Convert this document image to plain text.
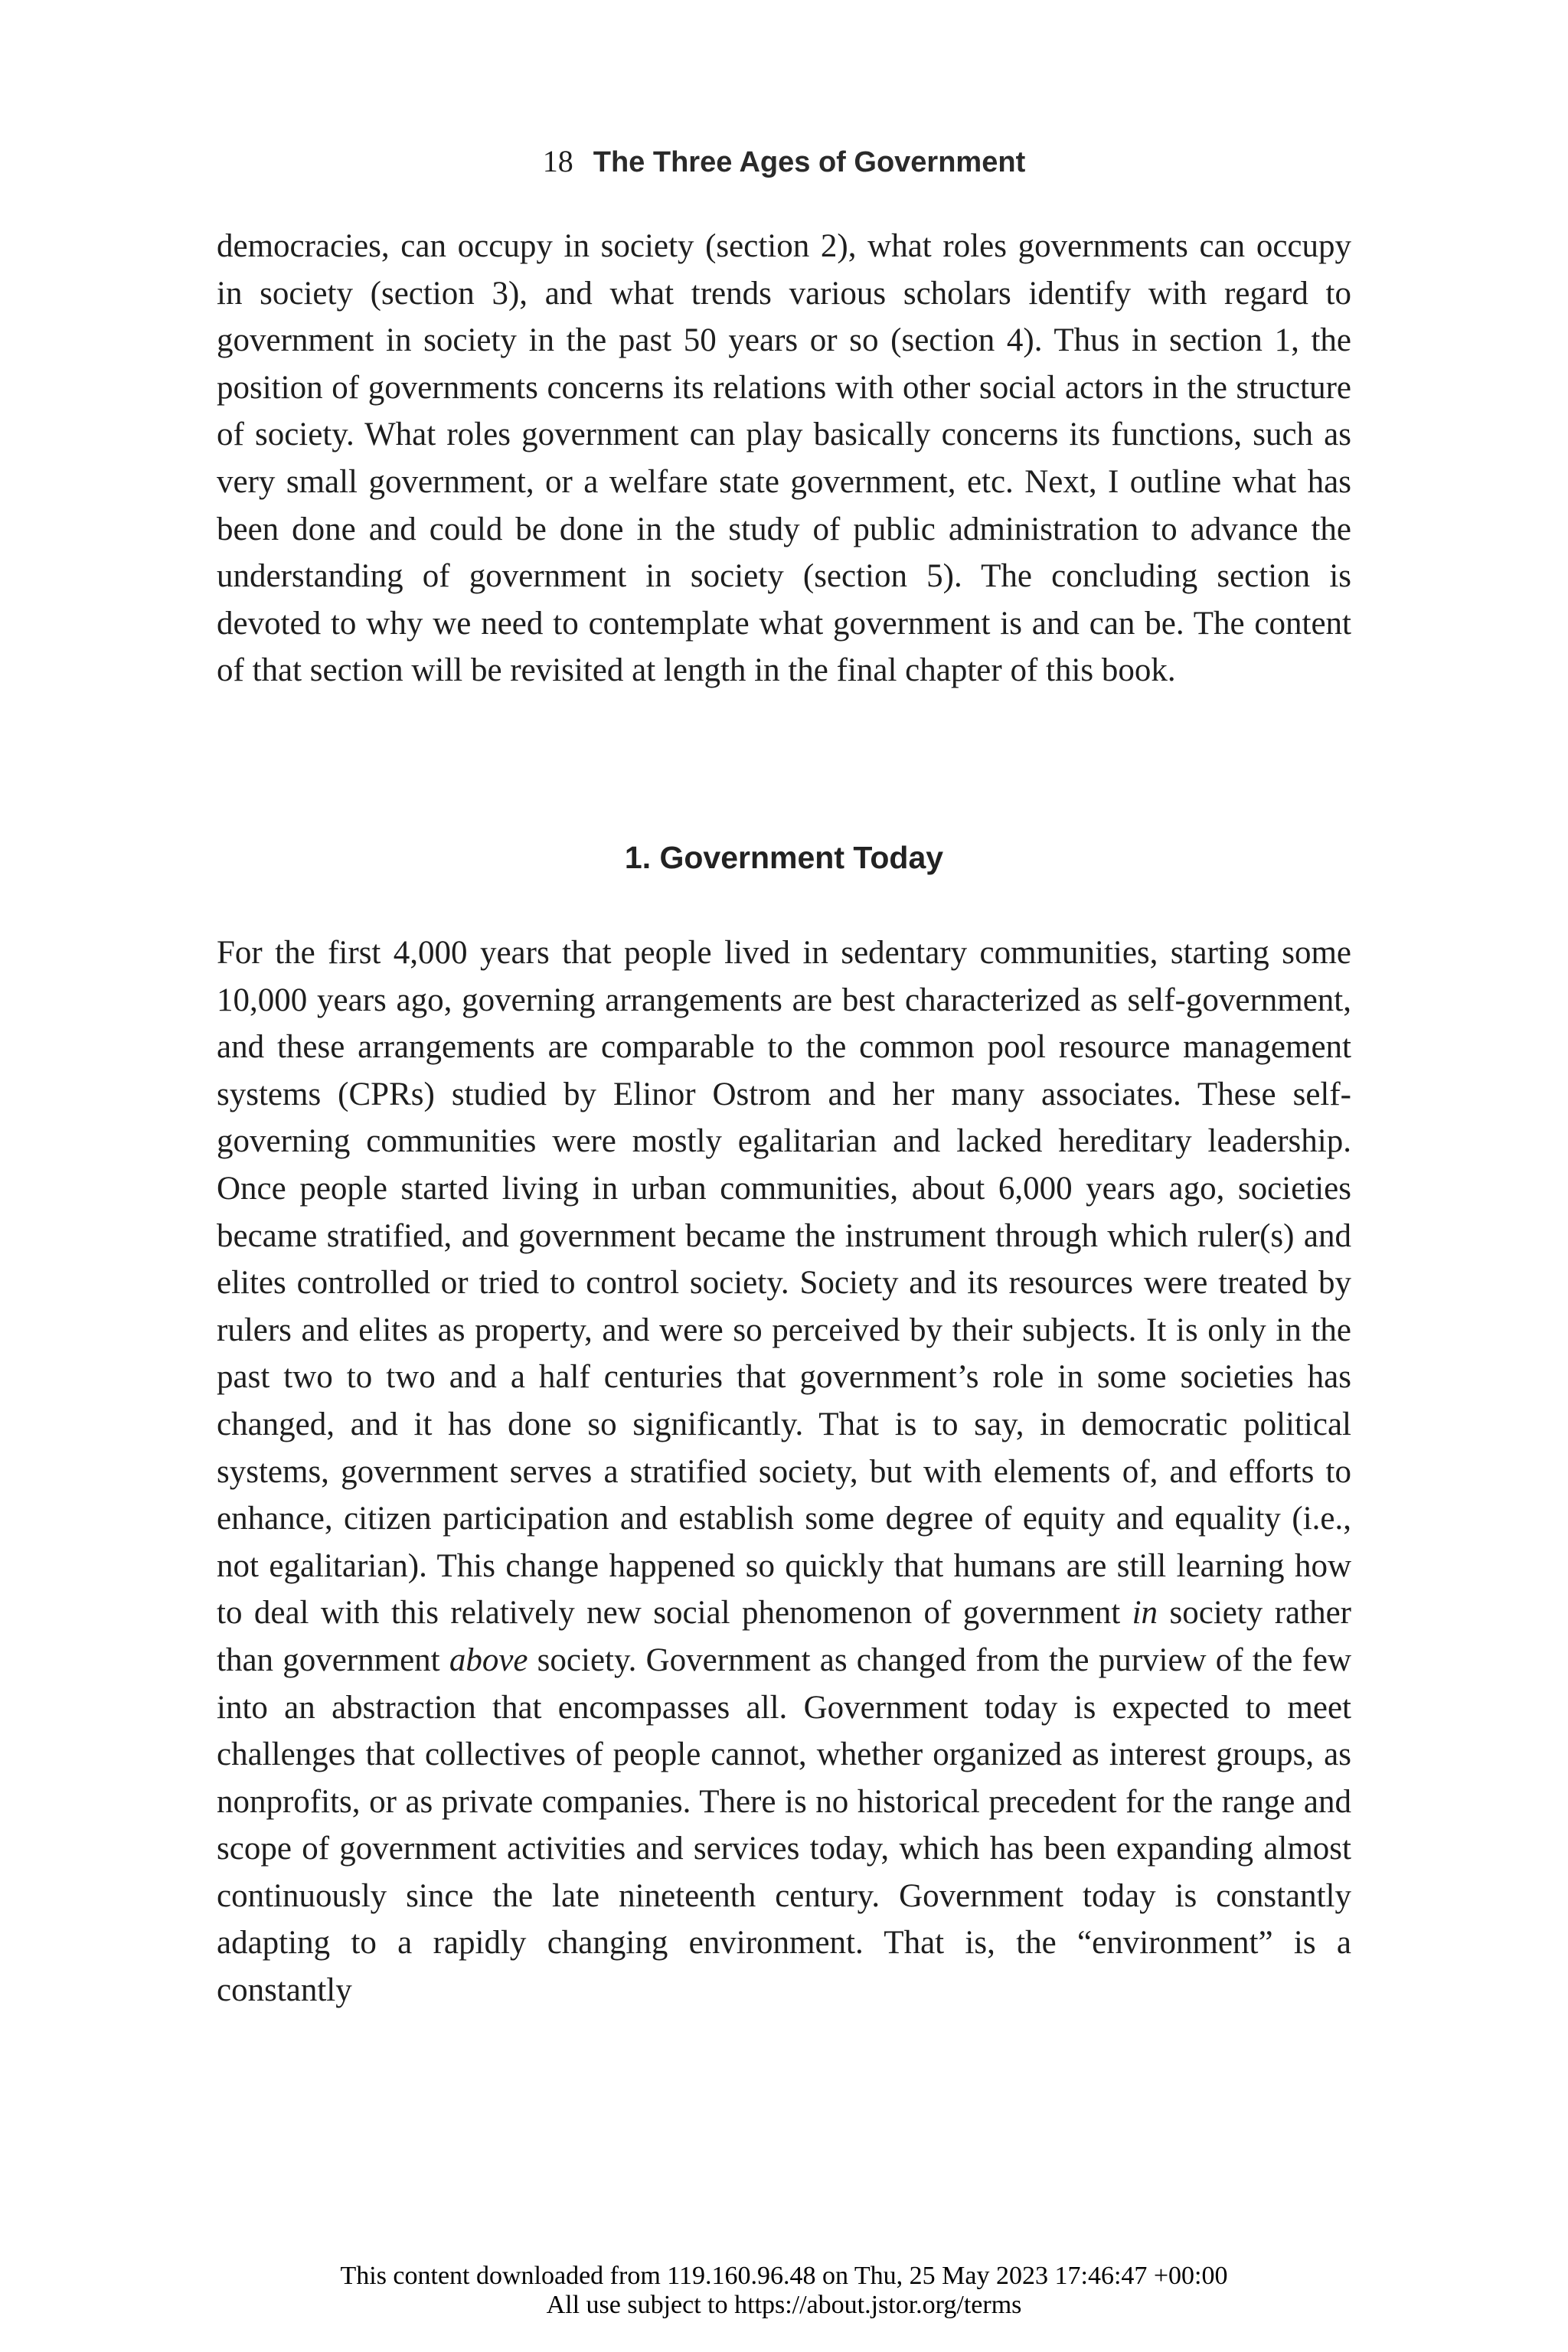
18 The Three Ages of Government

democracies, can occupy in society (section 2), what roles governments can occupy in society (section 3), and what trends various scholars identify with regard to government in society in the past 50 years or so (section 4). Thus in section 1, the position of governments concerns its relations with other social actors in the structure of society. What roles government can play basically concerns its functions, such as very small government, or a welfare state government, etc. Next, I outline what has been done and could be done in the study of public administration to advance the understanding of government in society (section 5). The concluding section is devoted to why we need to contemplate what government is and can be. The content of that section will be revisited at length in the final chapter of this book.

1. Government Today

For the first 4,000 years that people lived in sedentary communities, starting some 10,000 years ago, governing arrangements are best characterized as self-government, and these arrangements are comparable to the common pool resource management systems (CPRs) studied by Elinor Ostrom and her many associates. These self-governing communities were mostly egalitarian and lacked hereditary leadership. Once people started living in urban communities, about 6,000 years ago, societies became stratified, and government became the instrument through which ruler(s) and elites controlled or tried to control society. Society and its resources were treated by rulers and elites as property, and were so perceived by their subjects. It is only in the past two to two and a half centuries that government’s role in some societies has changed, and it has done so significantly. That is to say, in democratic political systems, government serves a stratified society, but with elements of, and efforts to enhance, citizen participation and establish some degree of equity and equality (i.e., not egalitarian). This change happened so quickly that humans are still learning how to deal with this relatively new social phenomenon of government in society rather than government above society. Government as changed from the purview of the few into an abstraction that encompasses all. Government today is expected to meet challenges that collectives of people cannot, whether organized as interest groups, as nonprofits, or as private companies. There is no historical precedent for the range and scope of government activities and services today, which has been expanding almost continuously since the late nineteenth century. Government today is constantly adapting to a rapidly changing environment. That is, the “environment” is a constantly

This content downloaded from 119.160.96.48 on Thu, 25 May 2023 17:46:47 +00:00
All use subject to https://about.jstor.org/terms
